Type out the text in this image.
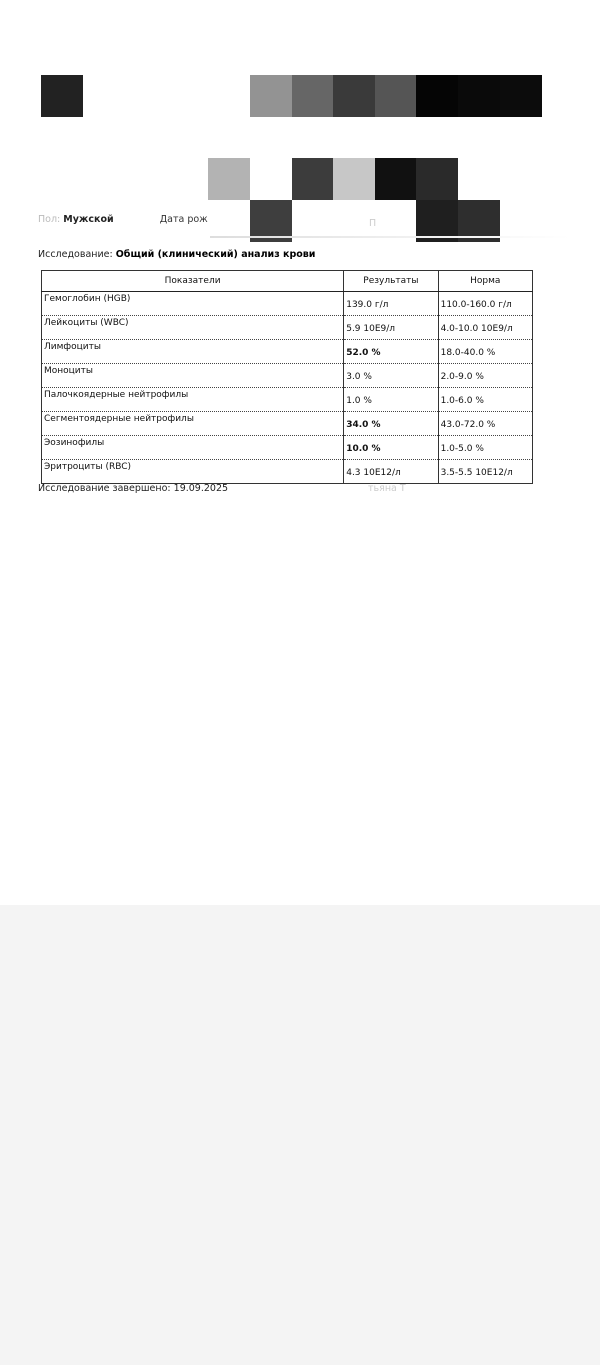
Пол: Мужской	Дата рож	П
Исследование: Общий (клинический) анализ крови
Показатели	Результаты	Норма
Гемоглобин (HGB)	139.0 г/л	110.0-160.0 г/л
Лейкоциты (WBC)	5.9 10E9/л	4.0-10.0 10E9/л
Лимфоциты	52.0 %	18.0-40.0 %
Моноциты	3.0 %	2.0-9.0 %
Палочкоядерные нейтрофилы	1.0 %	1.0-6.0 %
Сегментоядерные нейтрофилы	34.0 %	43.0-72.0 %
Эозинофилы	10.0 %	1.0-5.0 %
Эритроциты (RBC)	4.3 10E12/л	3.5-5.5 10E12/л
Исследование завершено: 19.09.2025	тьяна Т
